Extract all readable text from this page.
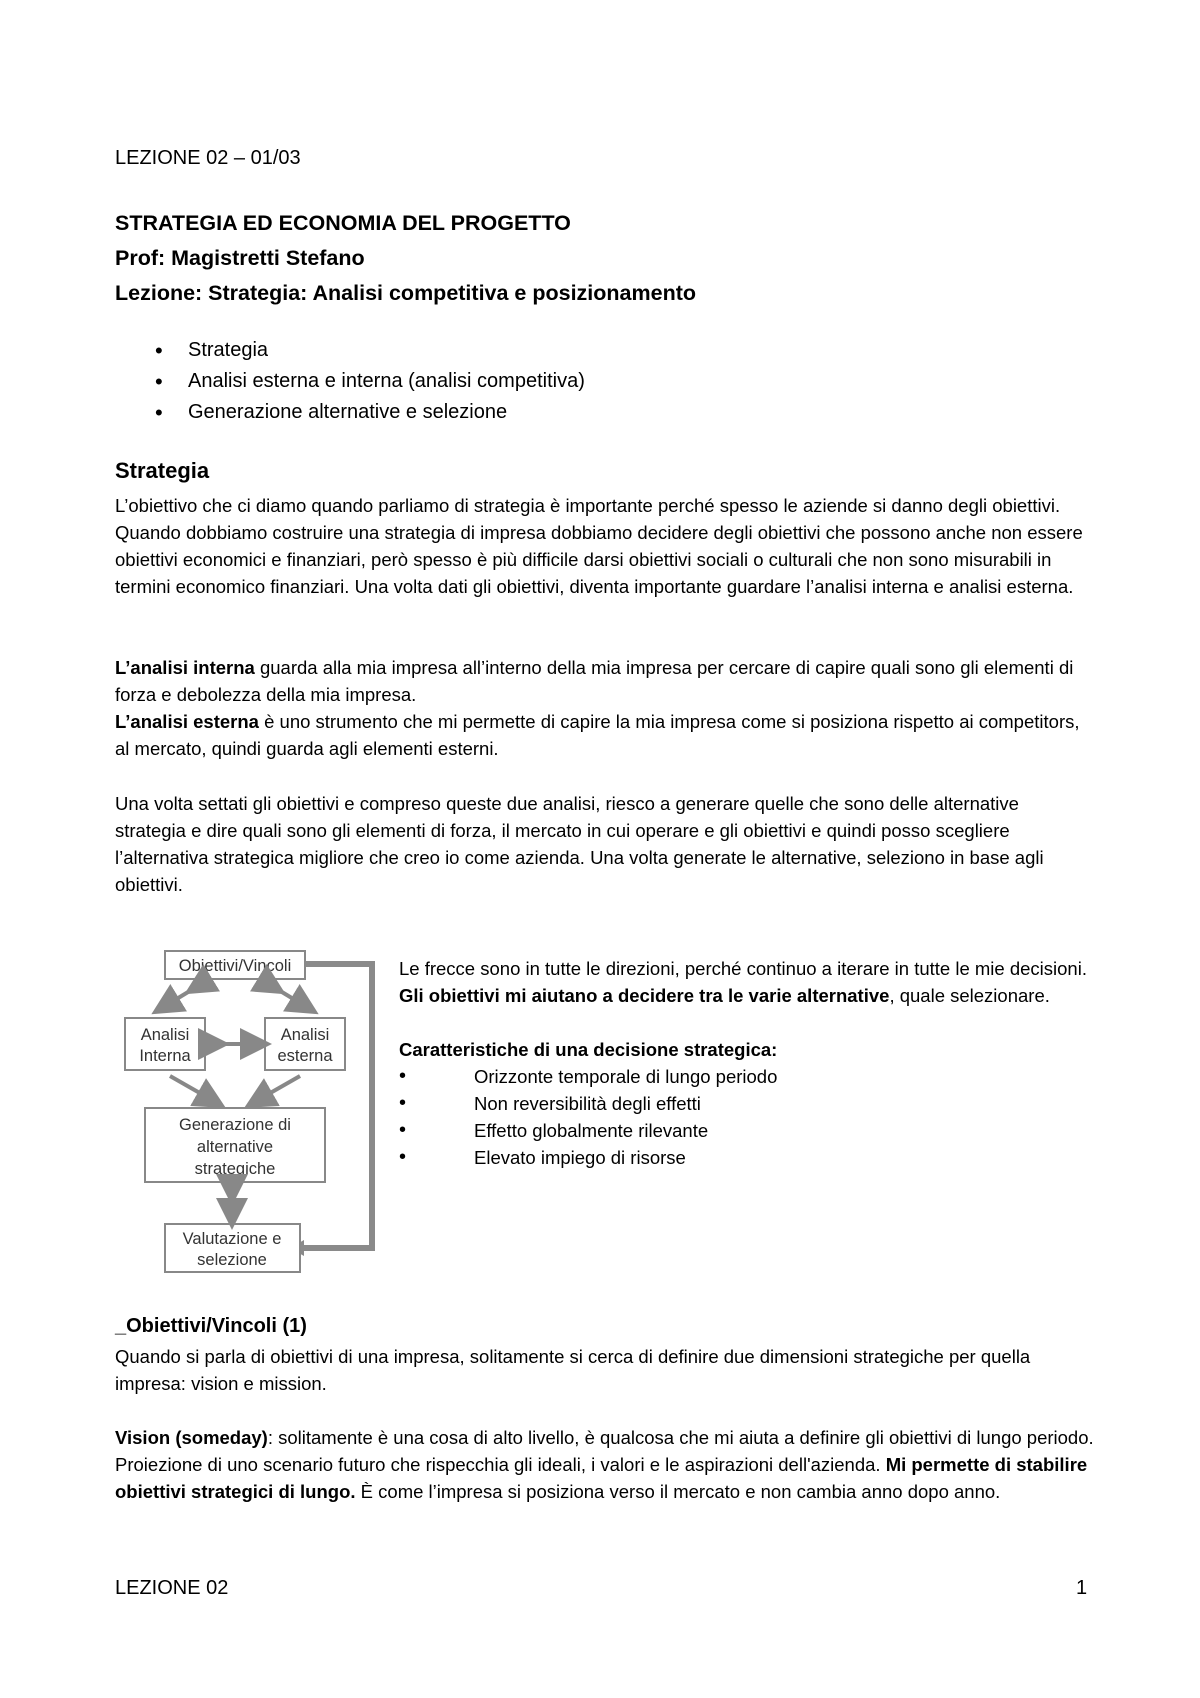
LEZIONE 02 – 01/03
STRATEGIA ED ECONOMIA DEL PROGETTO
Prof: Magistretti Stefano
Lezione: Strategia: Analisi competitiva e posizionamento
• Strategia
• Analisi esterna e interna (analisi competitiva)
• Generazione alternative e selezione
Strategia

L’obiettivo che ci diamo quando parliamo di strategia è importante perché spesso le aziende si danno degli obiettivi. Quando dobbiamo costruire una strategia di impresa dobbiamo decidere degli obiettivi che possono anche non essere obiettivi economici e finanziari, però spesso è più difficile darsi obiettivi sociali o culturali che non sono misurabili in termini economico finanziari. Una volta dati gli obiettivi, diventa importante guardare l’analisi interna e analisi esterna.

L’analisi interna guarda alla mia impresa all’interno della mia impresa per cercare di capire quali sono gli elementi di forza e debolezza della mia impresa.

L’analisi esterna è uno strumento che mi permette di capire la mia impresa come si posiziona rispetto ai competitors, al mercato, quindi guarda agli elementi esterni.

Una volta settati gli obiettivi e compreso queste due analisi, riesco a generare quelle che sono delle alternative strategia e dire quali sono gli elementi di forza, il mercato in cui operare e gli obiettivi e quindi posso scegliere l’alternativa strategica migliore che creo io come azienda. Una volta generate le alternative, seleziono in base agli obiettivi.

Obiettivi/Vincoli
Analisi
Interna
Analisi
esterna
Generazione di
alternative
strategiche
Valutazione e
selezione

Le frecce sono in tutte le direzioni, perché continuo a iterare in tutte le mie decisioni. Gli obiettivi mi aiutano a decidere tra le varie alternative, quale selezionare.

Caratteristiche di una decisione strategica:

• Orizzonte temporale di lungo periodo
• Non reversibilità degli effetti
• Effetto globalmente rilevante
• Elevato impiego di risorse
_Obiettivi/Vincoli (1)

Quando si parla di obiettivi di una impresa, solitamente si cerca di definire due dimensioni strategiche per quella impresa: vision e mission.

Vision (someday): solitamente è una cosa di alto livello, è qualcosa che mi aiuta a definire gli obiettivi di lungo periodo. Proiezione di uno scenario futuro che rispecchia gli ideali, i valori e le aspirazioni dell'azienda. Mi permette di stabilire obiettivi strategici di lungo. È come l’impresa si posiziona verso il mercato e non cambia anno dopo anno.

LEZIONE 02	1
